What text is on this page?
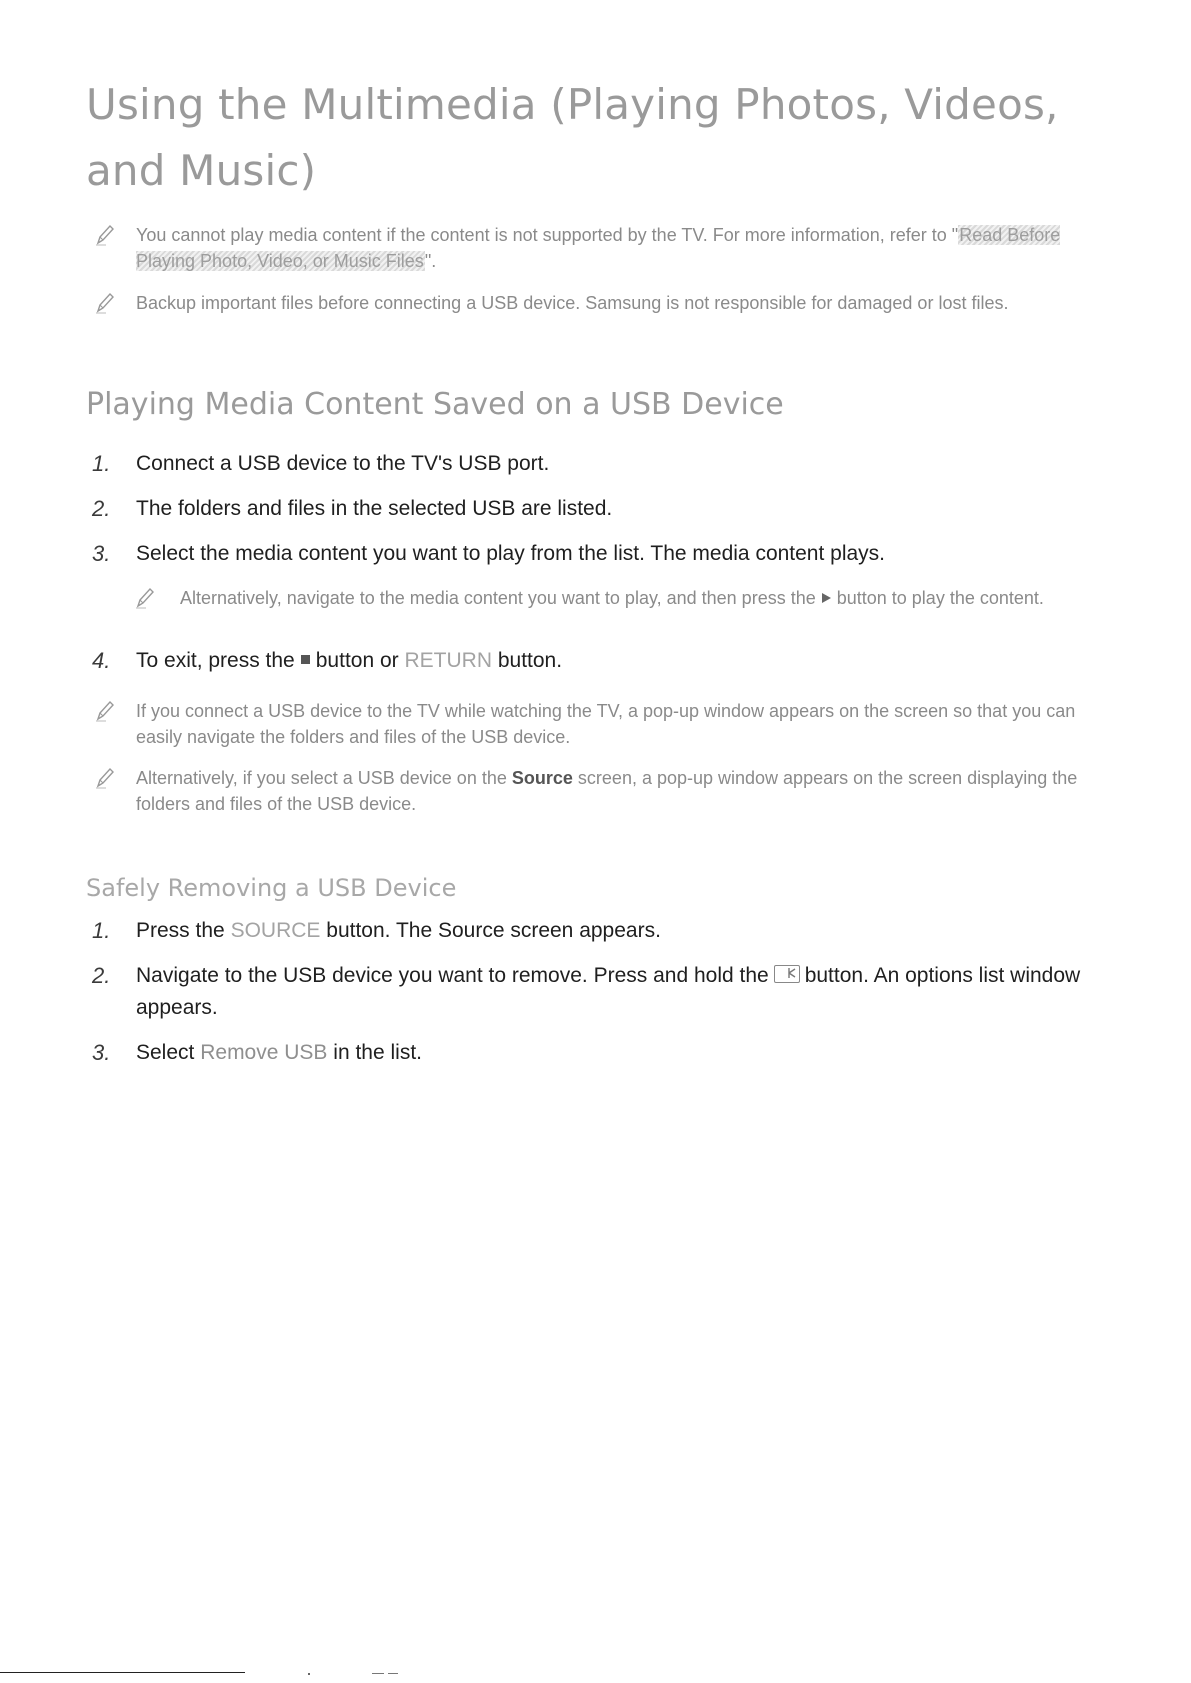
Using the Multimedia (Playing Photos, Videos, and Music)
You cannot play media content if the content is not supported by the TV. For more information, refer to "Read Before Playing Photo, Video, or Music Files".
Backup important files before connecting a USB device. Samsung is not responsible for damaged or lost files.
Playing Media Content Saved on a USB Device
1.	Connect a USB device to the TV's USB port.
2.	The folders and files in the selected USB are listed.
3.	Select the media content you want to play from the list. The media content plays.
Alternatively, navigate to the media content you want to play, and then press the button to play the content.
4.	To exit, press the button or RETURN button.
If you connect a USB device to the TV while watching the TV, a pop-up window appears on the screen so that you can easily navigate the folders and files of the USB device.
Alternatively, if you select a USB device on the Source screen, a pop-up window appears on the screen displaying the folders and files of the USB device.
Safely Removing a USB Device
1.	Press the SOURCE button. The Source screen appears.
2.	Navigate to the USB device you want to remove. Press and hold the button. An options list window appears.
3.	Select Remove USB in the list.
